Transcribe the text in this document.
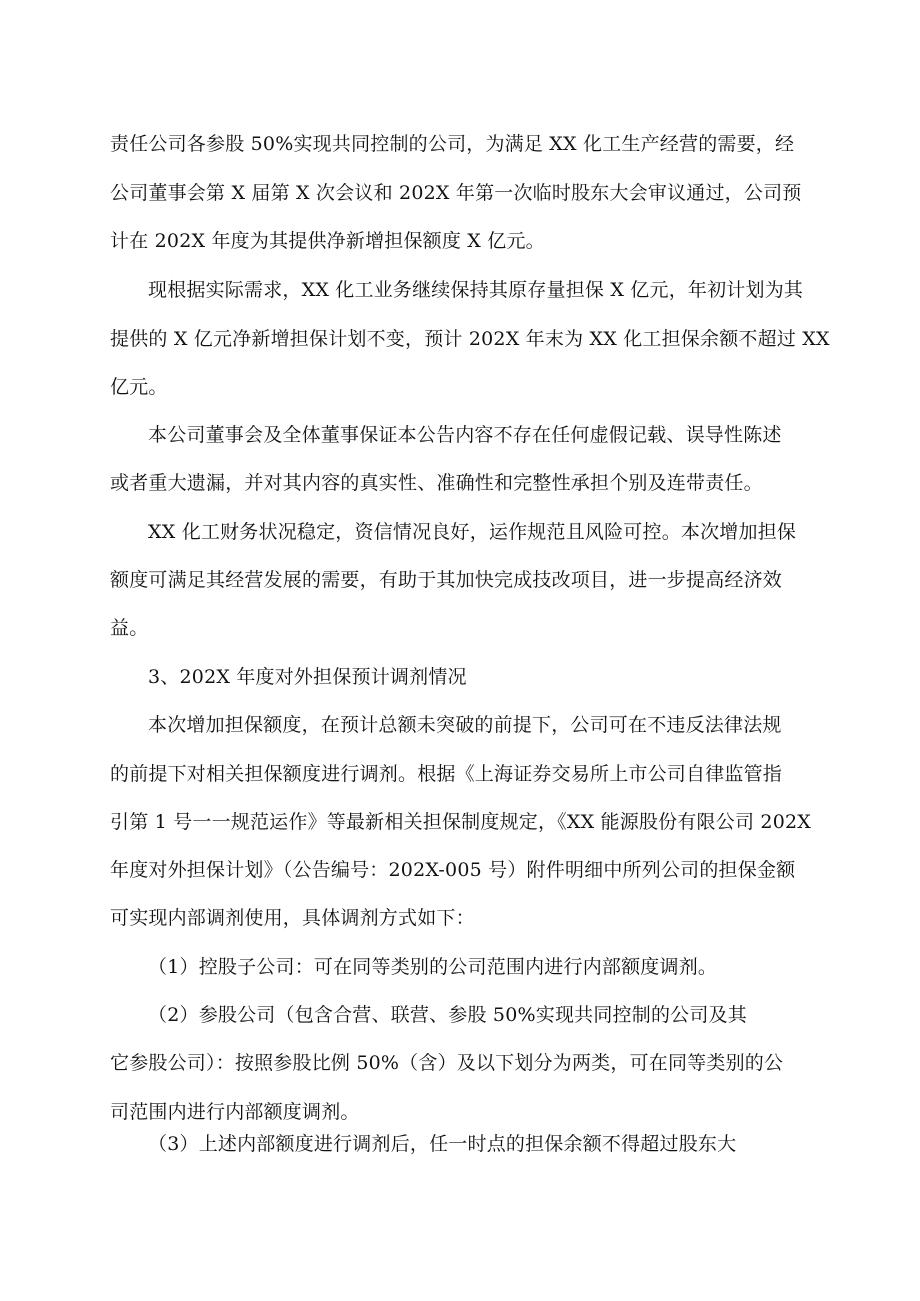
责任公司各参股 50%实现共同控制的公司，为满足 XX 化工生产经营的需要，经

公司董事会第 X 届第 X 次会议和 202X 年第一次临时股东大会审议通过，公司预

计在 202X 年度为其提供净新增担保额度 X 亿元。

现根据实际需求，XX 化工业务继续保持其原存量担保 X 亿元，年初计划为其

提供的 X 亿元净新增担保计划不变，预计 202X 年末为 XX 化工担保余额不超过 XX

亿元。

本公司董事会及全体董事保证本公告内容不存在任何虚假记载、误导性陈述

或者重大遗漏，并对其内容的真实性、准确性和完整性承担个别及连带责任。

XX 化工财务状况稳定，资信情况良好，运作规范且风险可控。本次增加担保

额度可满足其经营发展的需要，有助于其加快完成技改项目，进一步提高经济效

益。

3、202X 年度对外担保预计调剂情况

本次增加担保额度，在预计总额未突破的前提下，公司可在不违反法律法规

的前提下对相关担保额度进行调剂。根据《上海证券交易所上市公司自律监管指

引第 1 号一一规范运作》等最新相关担保制度规定，《XX 能源股份有限公司 202X

年度对外担保计划》（公告编号：202X-005 号）附件明细中所列公司的担保金额

可实现内部调剂使用，具体调剂方式如下：

（1）控股子公司：可在同等类别的公司范围内进行内部额度调剂。

（2）参股公司（包含合营、联营、参股 50%实现共同控制的公司及其

它参股公司）：按照参股比例 50%（含）及以下划分为两类，可在同等类别的公

司范围内进行内部额度调剂。

（3）上述内部额度进行调剂后，任一时点的担保余额不得超过股东大
